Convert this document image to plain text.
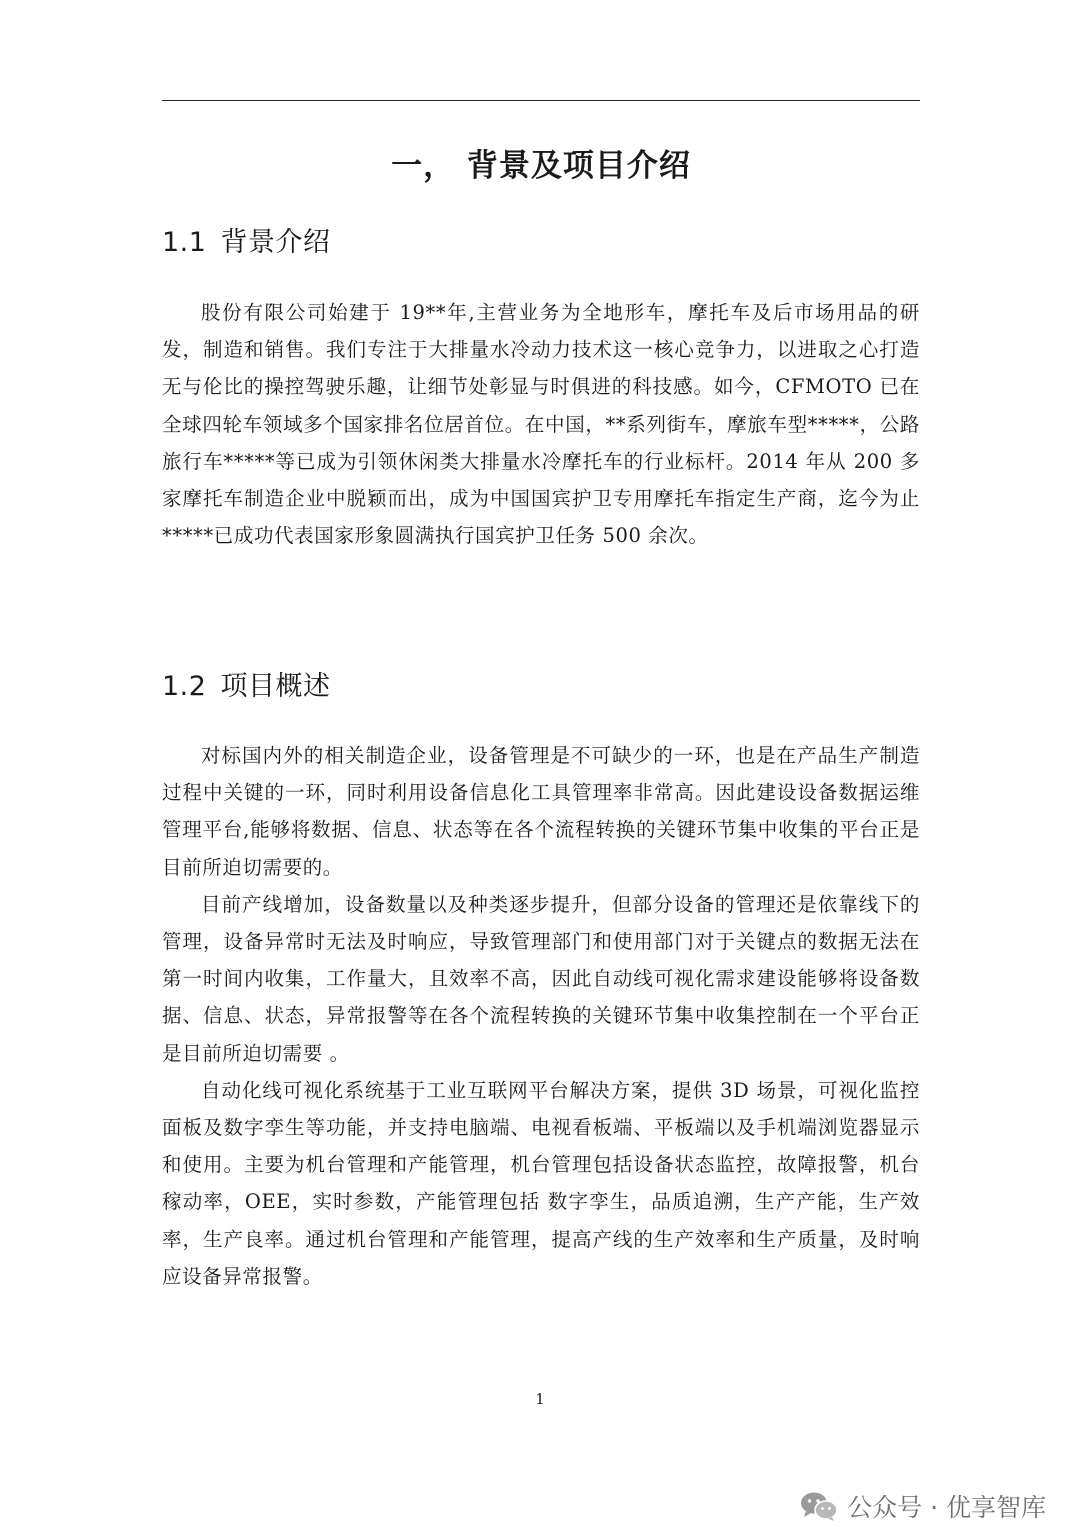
一， 背景及项目介绍
1.1 背景介绍

股份有限公司始建于 19**年,主营业务为全地形车，摩托车及后市场用品的研发，制造和销售。我们专注于大排量水冷动力技术这一核心竞争力，以进取之心打造无与伦比的操控驾驶乐趣，让细节处彰显与时俱进的科技感。如今，CFMOTO 已在全球四轮车领域多个国家排名位居首位。在中国，**系列街车，摩旅车型*****，公路旅行车*****等已成为引领休闲类大排量水冷摩托车的行业标杆。2014 年从 200 多家摩托车制造企业中脱颖而出，成为中国国宾护卫专用摩托车指定生产商，迄今为止*****已成功代表国家形象圆满执行国宾护卫任务 500 余次。

1.2 项目概述

对标国内外的相关制造企业，设备管理是不可缺少的一环，也是在产品生产制造过程中关键的一环，同时利用设备信息化工具管理率非常高。因此建设设备数据运维管理平台,能够将数据、信息、状态等在各个流程转换的关键环节集中收集的平台正是目前所迫切需要的。

目前产线增加，设备数量以及种类逐步提升，但部分设备的管理还是依靠线下的管理，设备异常时无法及时响应，导致管理部门和使用部门对于关键点的数据无法在第一时间内收集，工作量大，且效率不高，因此自动线可视化需求建设能够将设备数据、信息、状态，异常报警等在各个流程转换的关键环节集中收集控制在一个平台正是目前所迫切需要 。

自动化线可视化系统基于工业互联网平台解决方案，提供 3D 场景，可视化监控面板及数字孪生等功能，并支持电脑端、电视看板端、平板端以及手机端浏览器显示和使用。主要为机台管理和产能管理，机台管理包括设备状态监控，故障报警，机台稼动率，OEE，实时参数，产能管理包括 数字孪生，品质追溯，生产产能，生产效率，生产良率。通过机台管理和产能管理，提高产线的生产效率和生产质量，及时响应设备异常报警。

1
公众号 · 优享智库
